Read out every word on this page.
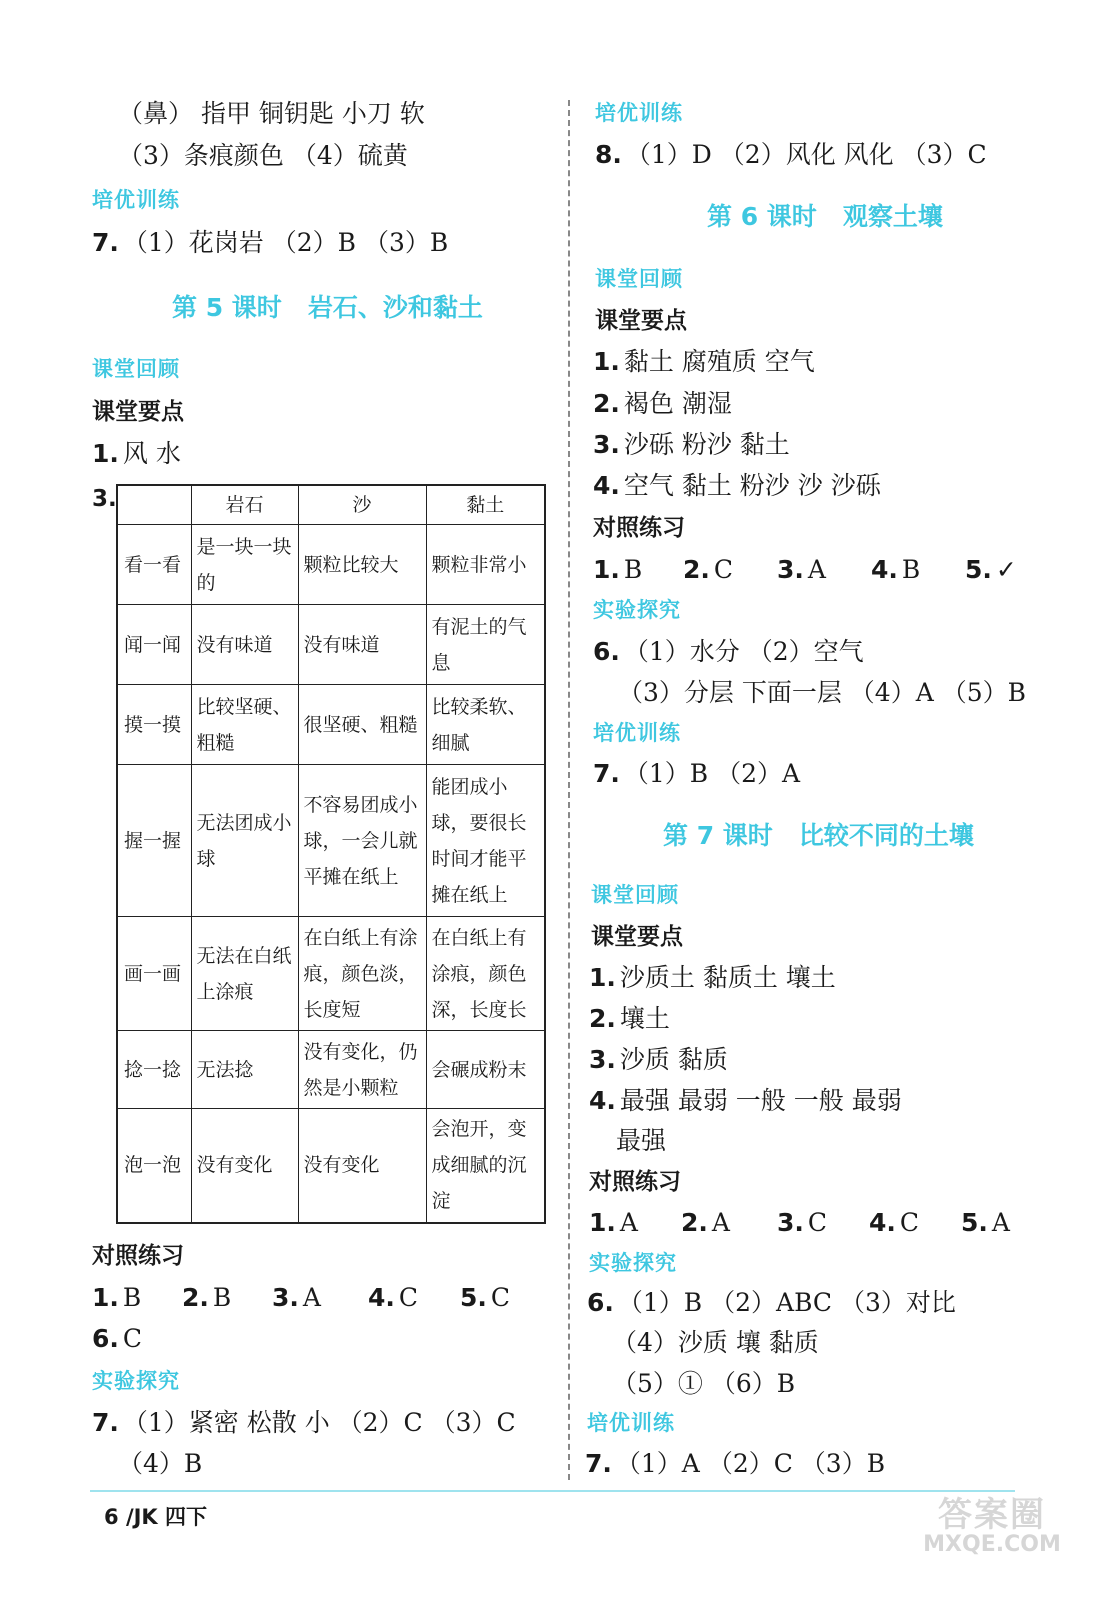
（鼻） 指甲 铜钥匙 小刀 软
（3）条痕颜色 （4）硫黄
培优训练
7. （1）花岗岩 （2）B （3）B
第 5 课时 岩石、沙和黏土
课堂回顾
课堂要点
1. 风 水
3.
		岩石	沙	黏土
看一看	是一块一块的	颗粒比较大	颗粒非常小
闻一闻	没有味道	没有味道	有泥土的气息
摸一摸	比较坚硬、粗糙	很坚硬、粗糙	比较柔软、细腻
握一握	无法团成小球	不容易团成小球，一会儿就平摊在纸上	能团成小球，要很长时间才能平摊在纸上
画一画	无法在白纸上涂痕	在白纸上有涂痕，颜色淡，长度短	在白纸上有涂痕，颜色深，长度长
捻一捻	无法捻	没有变化，仍然是小颗粒	会碾成粉末
泡一泡	没有变化	没有变化	会泡开，变成细腻的沉淀
对照练习
1. B 2. B 3. A 4. C 5. C
6. C
实验探究
7. （1）紧密 松散 小 （2）C （3）C
（4）B
培优训练
8. （1）D （2）风化 风化 （3）C
第 6 课时 观察土壤
课堂回顾
课堂要点
1. 黏土 腐殖质 空气
2. 褐色 潮湿
3. 沙砾 粉沙 黏土
4. 空气 黏土 粉沙 沙 沙砾
对照练习
1. B 2. C 3. A 4. B 5. ✓
实验探究
6. （1）水分 （2）空气
（3）分层 下面一层 （4）A （5）B
培优训练
7. （1）B （2）A
第 7 课时 比较不同的土壤
课堂回顾
课堂要点
1. 沙质土 黏质土 壤土
2. 壤土
3. 沙质 黏质
4. 最强 最弱 一般 一般 最弱
最强
对照练习
1. A 2. A 3. C 4. C 5. A
实验探究
6. （1）B （2）ABC （3）对比
（4）沙质 壤 黏质
（5）① （6）B
培优训练
7. （1）A （2）C （3）B
6 /JK 四下	答案圈
MXQE.COM
